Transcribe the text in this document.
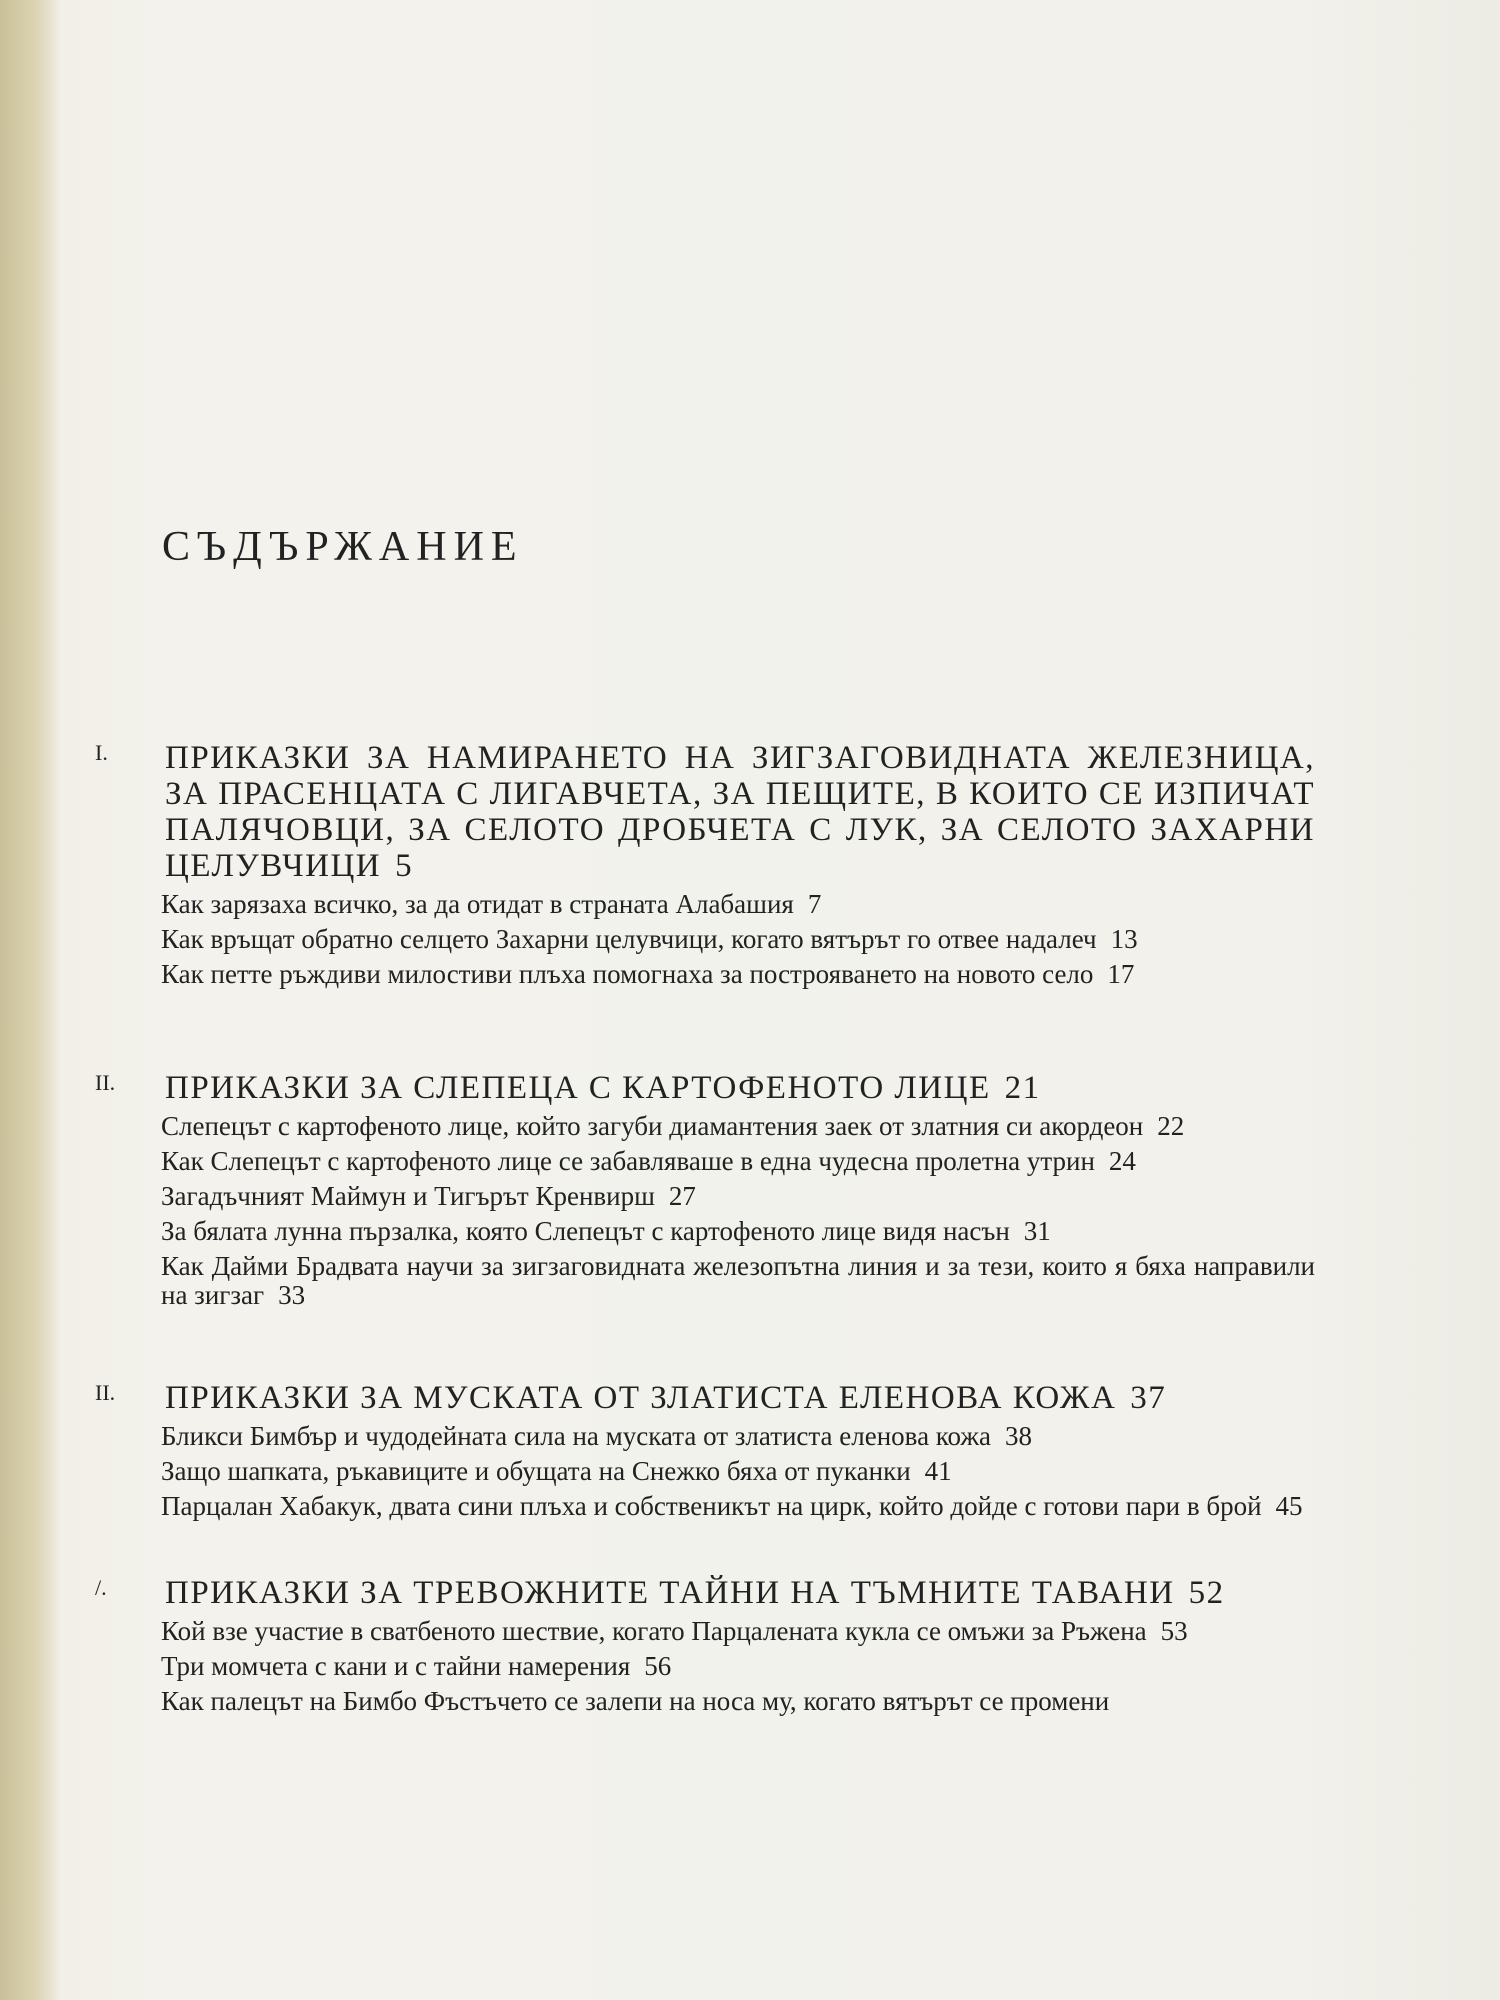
СЪДЪРЖАНИЕ
I. ПРИКАЗКИ ЗА НАМИРАНЕТО НА ЗИГЗАГОВИДНАТА ЖЕЛЕЗНИЦА, ЗА ПРАСЕНЦАТА С ЛИГАВЧЕТА, ЗА ПЕЩИТЕ, В КОИТО СЕ ИЗПИЧАТ ПАЛЯЧОВЦИ, ЗА СЕЛОТО ДРОБЧЕТА С ЛУК, ЗА СЕЛОТО ЗАХАРНИ ЦЕЛУВЧИЦИ 5
Как зарязаха всичко, за да отидат в страната Алабашия 7
Как връщат обратно селцето Захарни целувчици, когато вятърът го отвее надалеч 13
Как петте ръждиви милостиви плъха помогнаха за построяването на новото село 17
II. ПРИКАЗКИ ЗА СЛЕПЕЦА С КАРТОФЕНОТО ЛИЦЕ 21
Слепецът с картофеното лице, който загуби диамантения заек от златния си акордеон 22
Как Слепецът с картофеното лице се забавляваше в една чудесна пролетна утрин 24
Загадъчният Маймун и Тигърът Кренвирш 27
За бялата лунна пързалка, която Слепецът с картофеното лице видя насън 31
Как Дайми Брадвата научи за зигзаговидната железопътна линия и за тези, които я бяха направили на зигзаг 33
II. ПРИКАЗКИ ЗА МУСКАТА ОТ ЗЛАТИСТА ЕЛЕНОВА КОЖА 37
Бликси Бимбър и чудодейната сила на муската от златиста еленова кожа 38
Защо шапката, ръкавиците и обущата на Снежко бяха от пуканки 41
Парцалан Хабакук, двата сини плъха и собственикът на цирк, който дойде с готови пари в брой 45
/. ПРИКАЗКИ ЗА ТРЕВОЖНИТЕ ТАЙНИ НА ТЪМНИТЕ ТАВАНИ 52
Кой взе участие в сватбеното шествие, когато Парцалената кукла се омъжи за Ръжена 53
Три момчета с кани и с тайни намерения 56
Как палецът на Бимбо Фъстъчето се залепи на носа му, когато вятърът се промени
